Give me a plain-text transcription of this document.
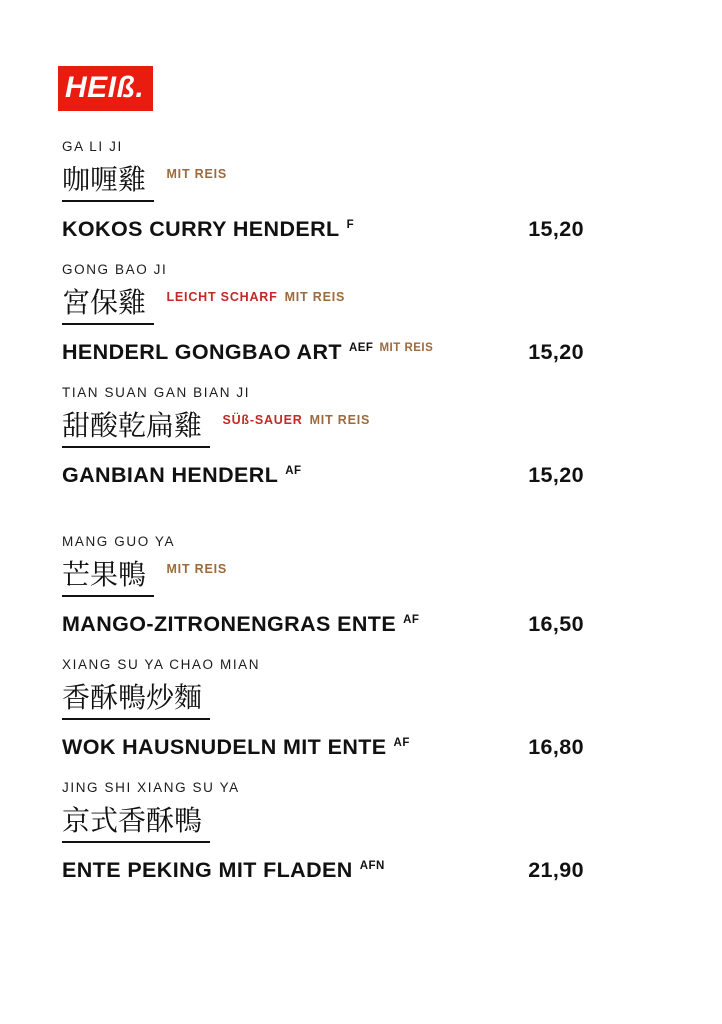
HEIß.
GA LI JI
咖喱雞 MIT REIS
KOKOS CURRY HENDERL $^F$	15,20
GONG BAO JI
宮保雞 LEICHT SCHARF MIT REIS
HENDERL GONGBAO ART $^{AEF}$ $^{MIT REIS}$	15,20
TIAN SUAN GAN BIAN JI
甜酸乾扁雞 SÜß-SAUER MIT REIS
GANBIAN HENDERL $^{AF}$	15,20
MANG GUO YA
芒果鴨 MIT REIS
MANGO-ZITRONENGRAS ENTE $^{AF}$	16,50
XIANG SU YA CHAO MIAN
香酥鴨炒麵
WOK HAUSNUDELN MIT ENTE $^{AF}$	16,80
JING SHI XIANG SU YA
京式香酥鴨
ENTE PEKING MIT FLADEN $^{AFN}$	21,90
